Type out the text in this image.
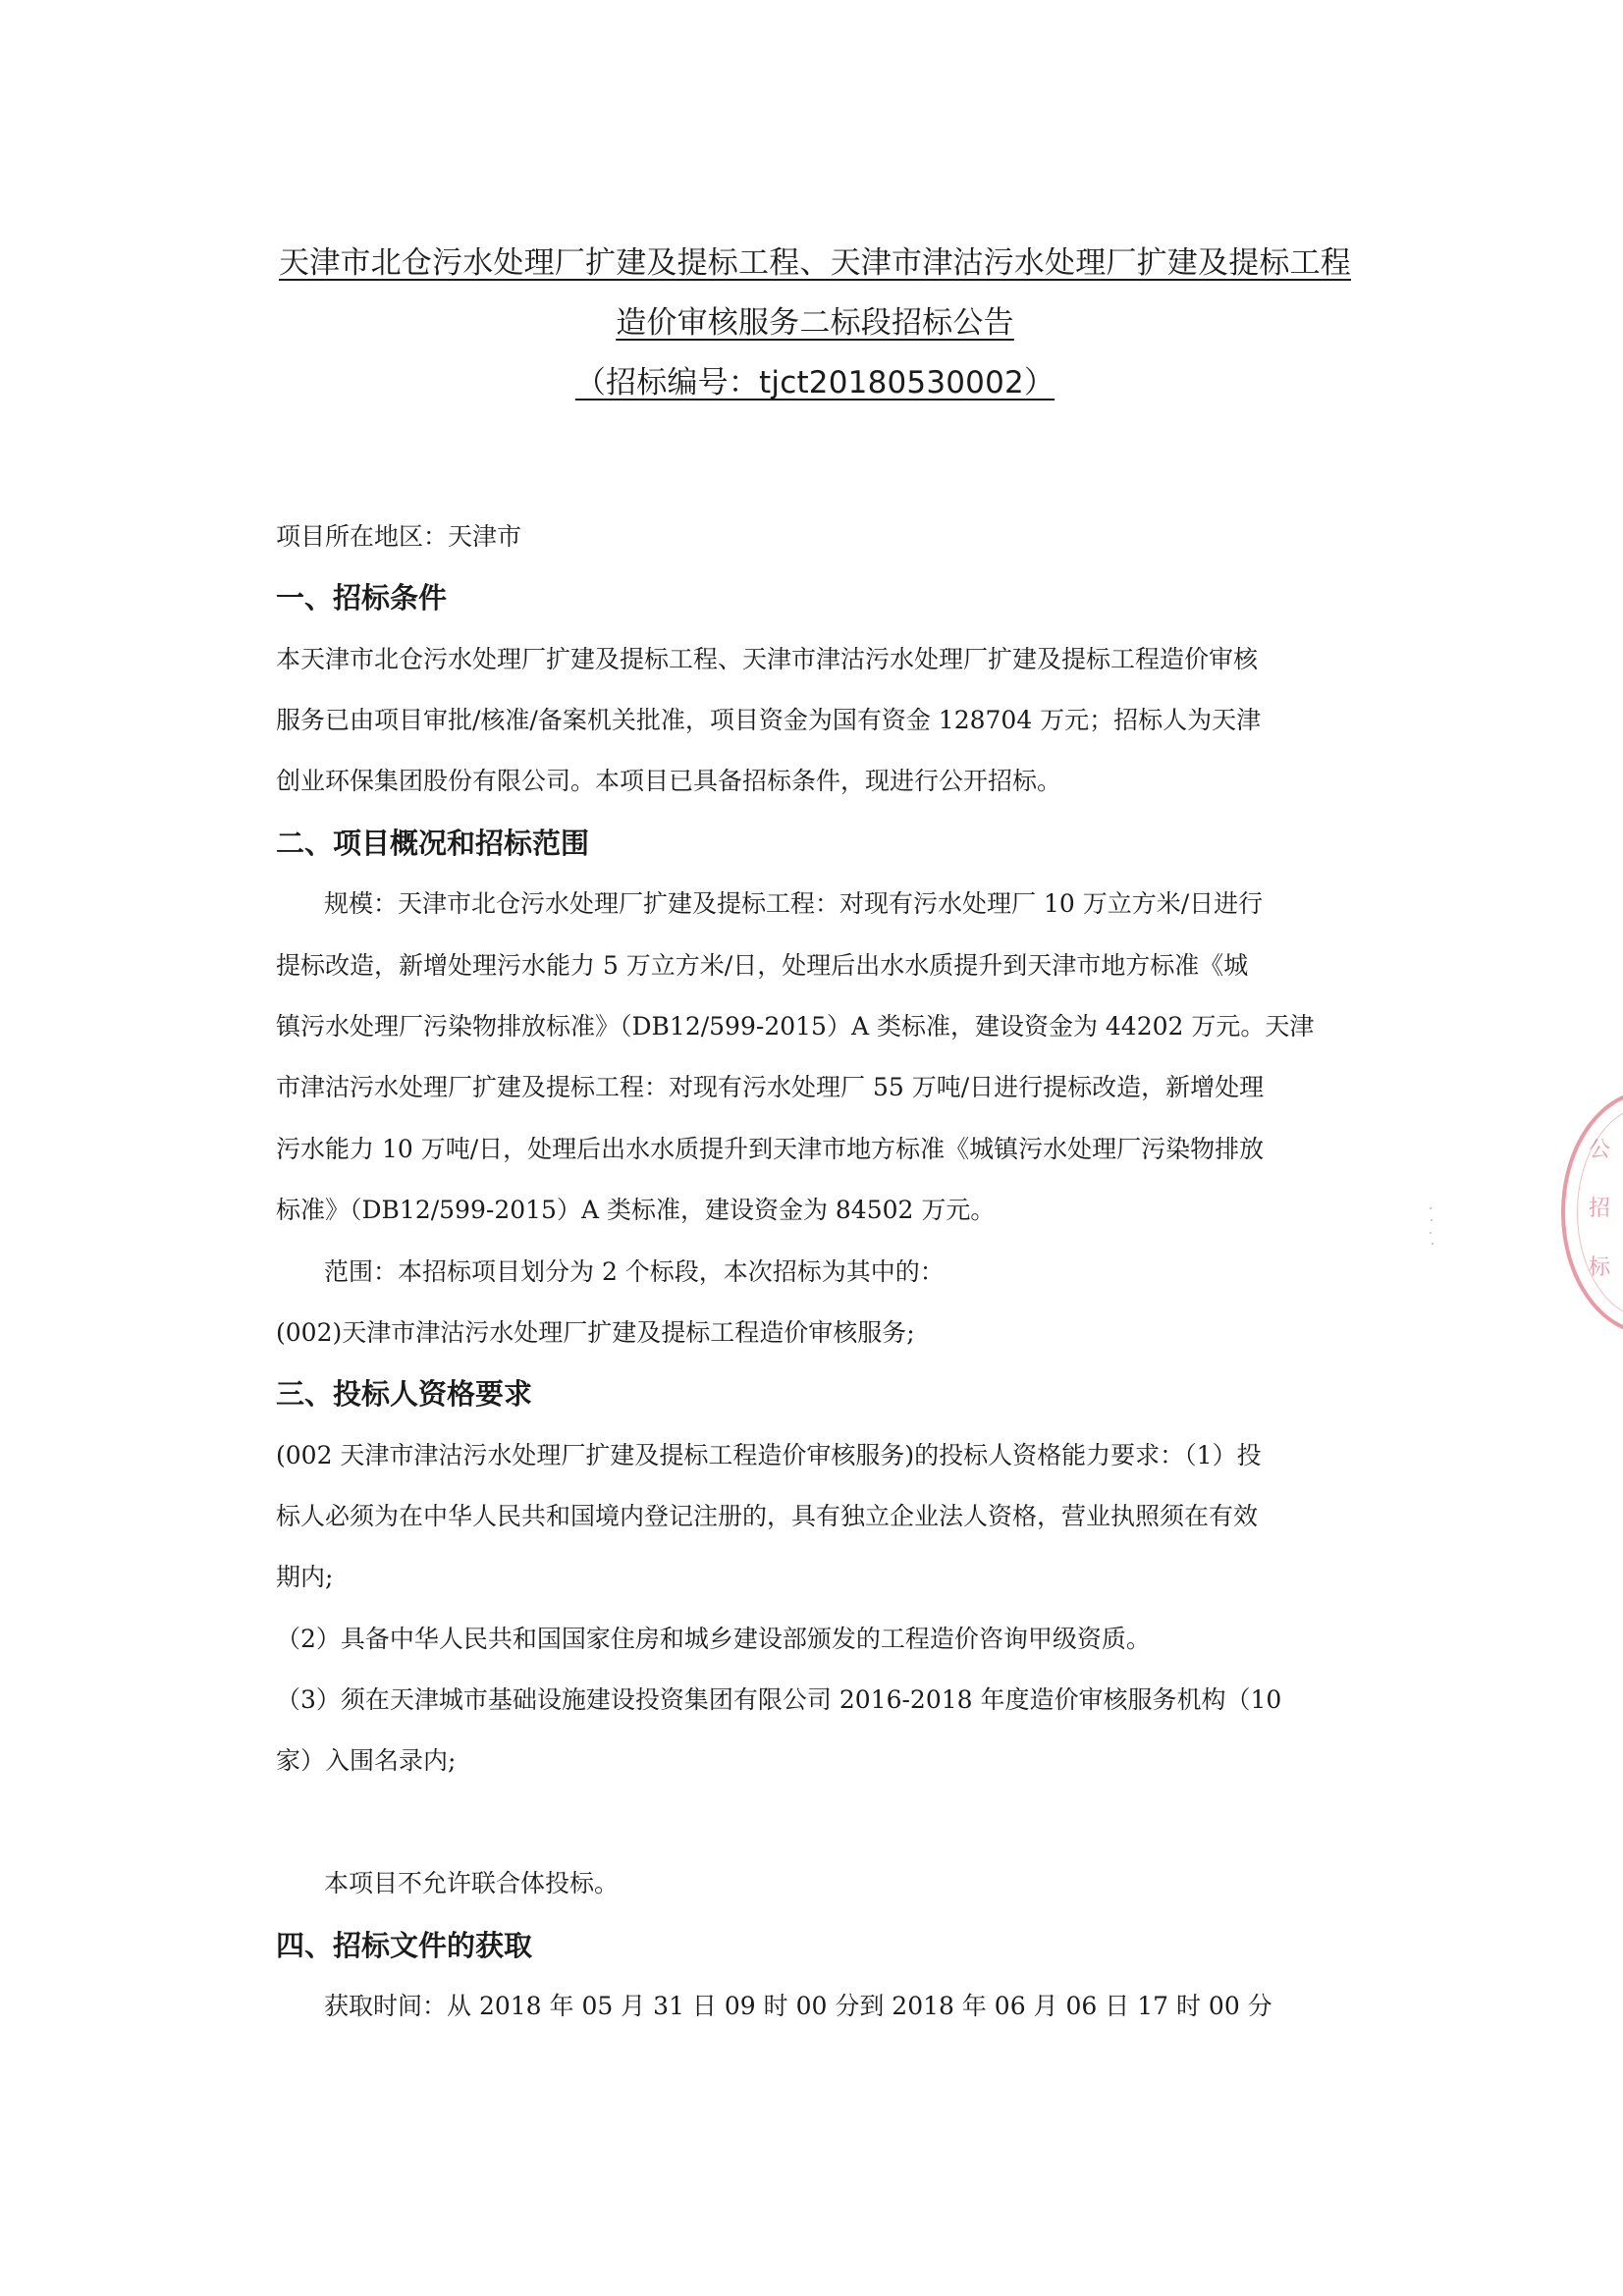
天津市北仓污水处理厂扩建及提标工程、天津市津沽污水处理厂扩建及提标工程
造价审核服务二标段招标公告
（招标编号：tjct20180530002）
项目所在地区：天津市
一、招标条件
本天津市北仓污水处理厂扩建及提标工程、天津市津沽污水处理厂扩建及提标工程造价审核
服务已由项目审批/核准/备案机关批准，项目资金为国有资金 128704 万元；招标人为天津
创业环保集团股份有限公司。本项目已具备招标条件，现进行公开招标。
二、项目概况和招标范围
规模：天津市北仓污水处理厂扩建及提标工程：对现有污水处理厂 10 万立方米/日进行
提标改造，新增处理污水能力 5 万立方米/日，处理后出水水质提升到天津市地方标准《城
镇污水处理厂污染物排放标准》（DB12/599-2015）A 类标准，建设资金为 44202 万元。天津
市津沽污水处理厂扩建及提标工程：对现有污水处理厂 55 万吨/日进行提标改造，新增处理
污水能力 10 万吨/日，处理后出水水质提升到天津市地方标准《城镇污水处理厂污染物排放
标准》（DB12/599-2015）A 类标准，建设资金为 84502 万元。
范围：本招标项目划分为 2 个标段，本次招标为其中的：
(002)天津市津沽污水处理厂扩建及提标工程造价审核服务;
三、投标人资格要求
(002 天津市津沽污水处理厂扩建及提标工程造价审核服务)的投标人资格能力要求：（1）投
标人必须为在中华人民共和国境内登记注册的，具有独立企业法人资格，营业执照须在有效
期内;
（2）具备中华人民共和国国家住房和城乡建设部颁发的工程造价咨询甲级资质。
（3）须在天津城市基础设施建设投资集团有限公司 2016-2018 年度造价审核服务机构（10
家）入围名录内;
本项目不允许联合体投标。
四、招标文件的获取
获取时间：从 2018 年 05 月 31 日 09 时 00 分到 2018 年 06 月 06 日 17 时 00 分
公
招
标
